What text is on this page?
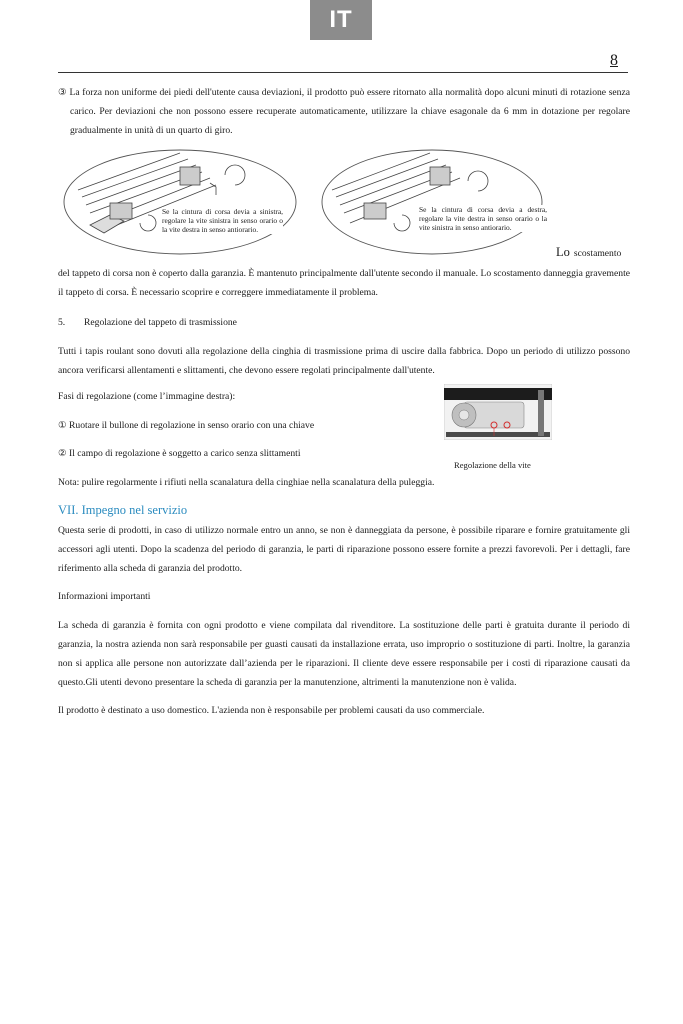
IT
8
③ La forza non uniforme dei piedi dell'utente causa deviazioni, il prodotto può essere ritornato alla normalità dopo alcuni minuti di rotazione senza carico. Per deviazioni che non possono essere recuperate automaticamente, utilizzare la chiave esagonale da 6 mm in dotazione per regolare gradualmente in unità di un quarto di giro.
Se la cintura di corsa devia a sinistra, regolare la vite sinistra in senso orario o la vite destra in senso antiorario.
Se la cintura di corsa devia a destra, regolare la vite destra in senso orario o la vite sinistra in senso antiorario.
Lo scostamento
del tappeto di corsa non è coperto dalla garanzia. È mantenuto principalmente dall'utente secondo il manuale. Lo scostamento danneggia gravemente il tappeto di corsa. È necessario scoprire e correggere immediatamente il problema.
5. Regolazione del tappeto di trasmissione
Tutti i tapis roulant sono dovuti alla regolazione della cinghia di trasmissione prima di uscire dalla fabbrica. Dopo un periodo di utilizzo possono ancora verificarsi allentamenti e slittamenti, che devono essere regolati principalmente dall'utente.
Fasi di regolazione (come l’immagine destra):
① Ruotare il bullone di regolazione in senso orario con una chiave
② Il campo di regolazione è soggetto a carico senza slittamenti
Nota: pulire regolarmente i rifiuti nella scanalatura della cinghiae nella scanalatura della puleggia.
Regolazione della vite
VII. Impegno nel servizio
Questa serie di prodotti, in caso di utilizzo normale entro un anno, se non è danneggiata da persone, è possibile riparare e fornire gratuitamente gli accessori agli utenti. Dopo la scadenza del periodo di garanzia, le parti di riparazione possono essere fornite a prezzi favorevoli. Per i dettagli, fare riferimento alla scheda di garanzia del prodotto.
Informazioni importanti
La scheda di garanzia è fornita con ogni prodotto e viene compilata dal rivenditore. La sostituzione delle parti è gratuita durante il periodo di garanzia, la nostra azienda non sarà responsabile per guasti causati da installazione errata, uso improprio o sostituzione di parti. Inoltre, la garanzia non si applica alle persone non autorizzate dall’azienda per le riparazioni. Il cliente deve essere responsabile per i costi di riparazione causati da questo.Gli utenti devono presentare la scheda di garanzia per la manutenzione, altrimenti la manutenzione non è valida.
Il prodotto è destinato a uso domestico. L'azienda non è responsabile per problemi causati da uso commerciale.
